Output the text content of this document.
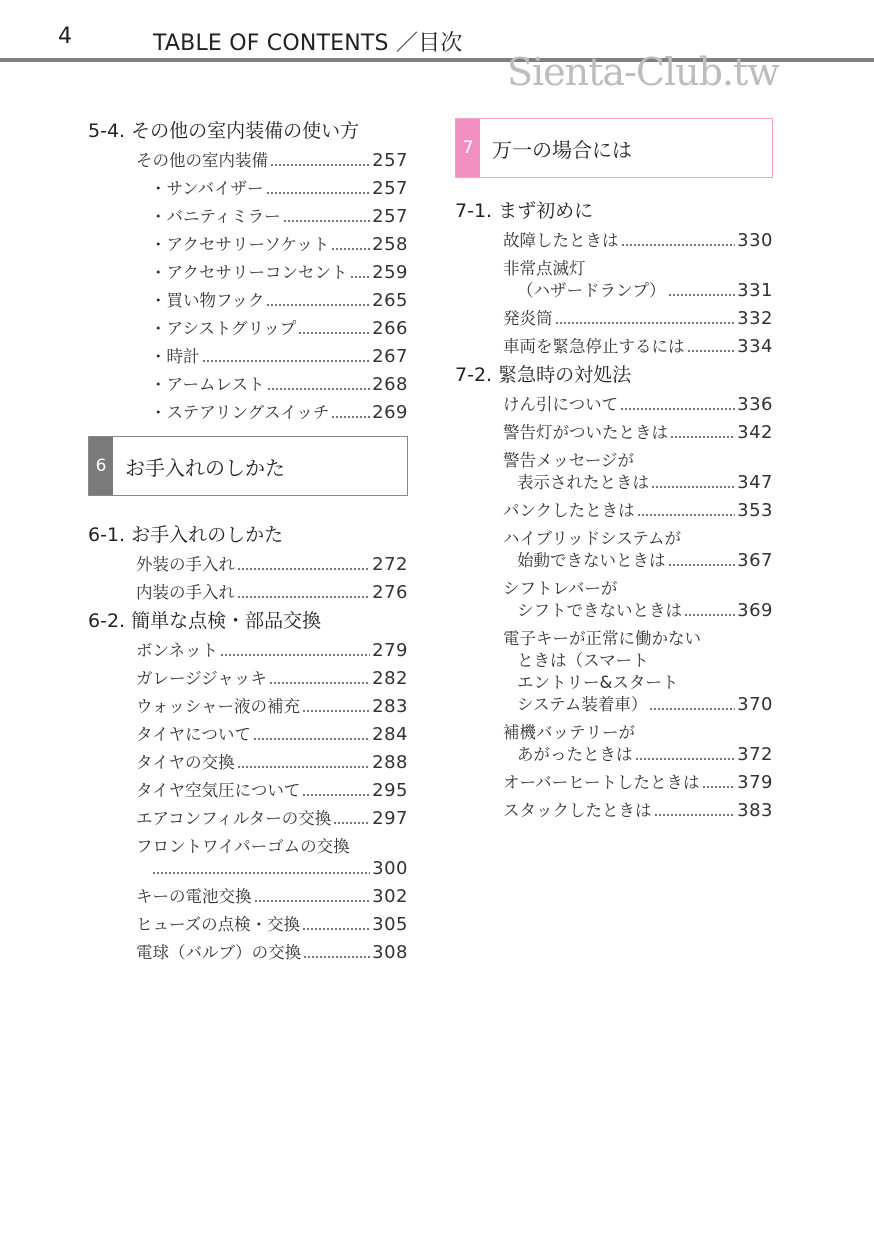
4	TABLE OF CONTENTS ／目次
Sienta-Club.tw
5-4. その他の室内装備の使い方
その他の室内装備	257
・サンバイザー	257
・バニティミラー	257
・アクセサリーソケット 258
・アクセサリーコンセント 259
・買い物フック	265
・アシストグリップ	266
・時計	267
・アームレスト	268
・ステアリングスイッチ 269
6 お手入れのしかた
6-1. お手入れのしかた
外装の手入れ	272
内装の手入れ	276
6-2. 簡単な点検・部品交換
ボンネット	279
ガレージジャッキ	282
ウォッシャー液の補充	283
タイヤについて	284
タイヤの交換	288
タイヤ空気圧について	295
エアコンフィルターの交換 297
フロントワイパーゴムの交換
300
キーの電池交換	302
ヒューズの点検・交換	305
電球（バルブ）の交換	308
7 万一の場合には
7-1. まず初めに
故障したときは	330
非常点滅灯
（ハザードランプ）	331
発炎筒	332
車両を緊急停止するには	334
7-2. 緊急時の対処法
けん引について	336
警告灯がついたときは	342
警告メッセージが
表示されたときは	347
パンクしたときは	353
ハイブリッドシステムが
始動できないときは	367
シフトレバーが
シフトできないときは	369
電子キーが正常に働かない
ときは（スマート
エントリー&スタート
システム装着車）	370
補機バッテリーが
あがったときは	372
オーバーヒートしたときは 379
スタックしたときは	383
